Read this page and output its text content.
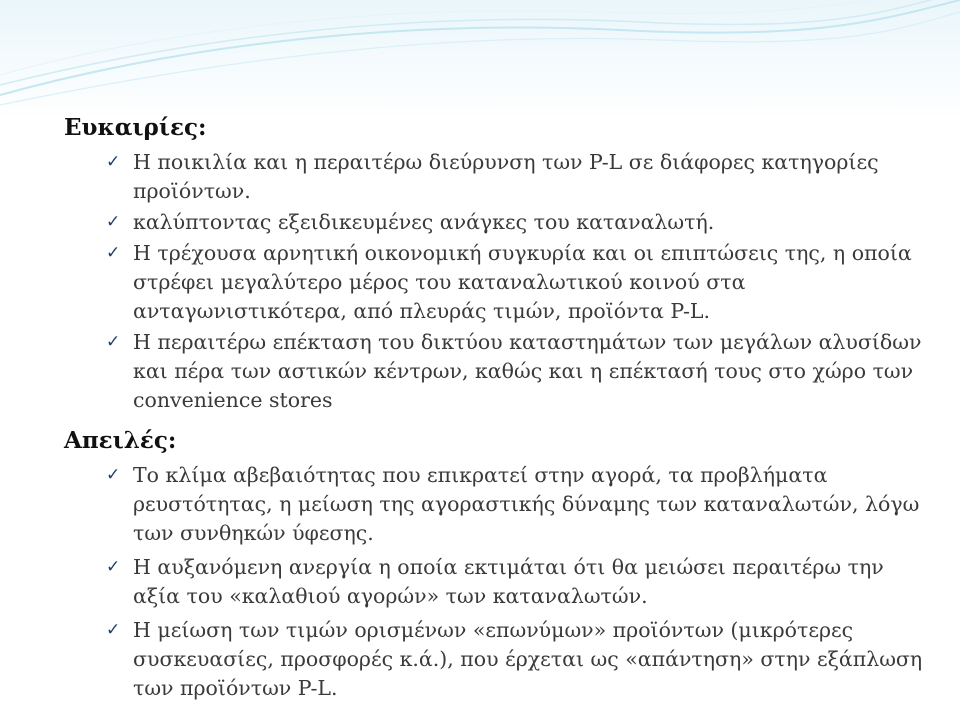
Ευκαιρίες:
✓ Η ποικιλία και η περαιτέρω διεύρυνση των P-L σε διάφορες κατηγορίες προϊόντων.
✓ καλύπτοντας εξειδικευμένες ανάγκες του καταναλωτή.
✓ Η τρέχουσα αρνητική οικονομική συγκυρία και οι επιπτώσεις της, η οποία στρέφει μεγαλύτερο μέρος του καταναλωτικού κοινού στα ανταγωνιστικότερα, από πλευράς τιμών, προϊόντα P-L.
✓ Η περαιτέρω επέκταση του δικτύου καταστημάτων των μεγάλων αλυσίδων και πέρα των αστικών κέντρων, καθώς και η επέκτασή τους στο χώρο των convenience stores
Απειλές:
✓ Το κλίμα αβεβαιότητας που επικρατεί στην αγορά, τα προβλήματα ρευστότητας, η μείωση της αγοραστικής δύναμης των καταναλωτών, λόγω των συνθηκών ύφεσης.
✓ Η αυξανόμενη ανεργία η οποία εκτιμάται ότι θα μειώσει περαιτέρω την αξία του «καλαθιού αγορών» των καταναλωτών.
✓ Η μείωση των τιμών ορισμένων «επωνύμων» προϊόντων (μικρότερες συσκευασίες, προσφορές κ.ά.), που έρχεται ως «απάντηση» στην εξάπλωση των προϊόντων P-L.
